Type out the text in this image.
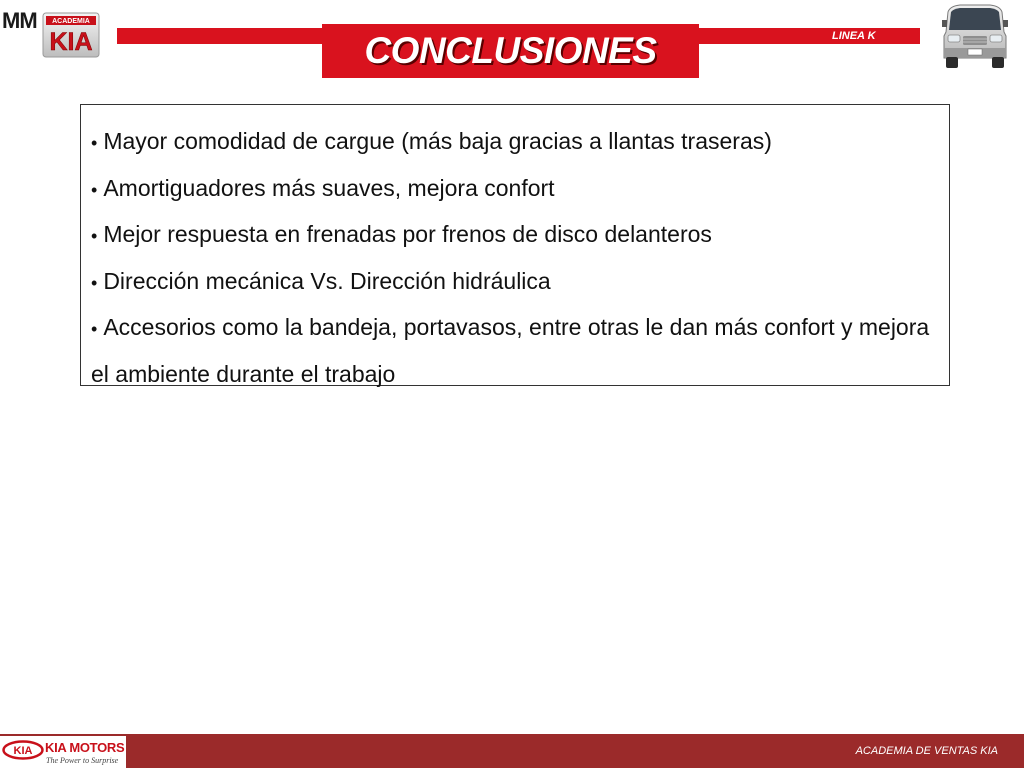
MM ACADEMIA
KIA	CONCLUSIONES	LINEA K

• Mayor comodidad de cargue (más baja gracias a llantas traseras)

• Amortiguadores más suaves, mejora confort

• Mejor respuesta en frenadas por frenos de disco delanteros

• Dirección mecánica Vs. Dirección hidráulica

• Accesorios como la bandeja, portavasos, entre otras le dan más confort y mejora el ambiente durante el trabajo

KIA KIA MOTORS
The Power to Surprise
ACADEMIA DE VENTAS KIA
